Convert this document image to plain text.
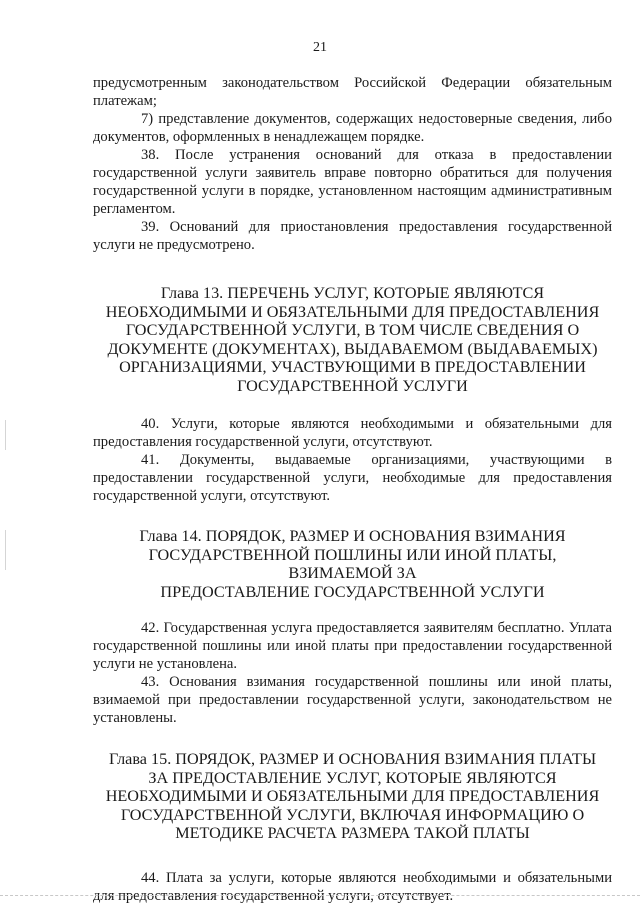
21

предусмотренным законодательством Российской Федерации обязательным платежам;

7) представление документов, содержащих недостоверные сведения, либо документов, оформленных в ненадлежащем порядке.

38. После устранения оснований для отказа в предоставлении государственной услуги заявитель вправе повторно обратиться для получения государственной услуги в порядке, установленном настоящим административным регламентом.

39. Оснований для приостановления предоставления государственной услуги не предусмотрено.

Глава 13. ПЕРЕЧЕНЬ УСЛУГ, КОТОРЫЕ ЯВЛЯЮТСЯ
НЕОБХОДИМЫМИ И ОБЯЗАТЕЛЬНЫМИ ДЛЯ ПРЕДОСТАВЛЕНИЯ
ГОСУДАРСТВЕННОЙ УСЛУГИ, В ТОМ ЧИСЛЕ СВЕДЕНИЯ О
ДОКУМЕНТЕ (ДОКУМЕНТАХ), ВЫДАВАЕМОМ (ВЫДАВАЕМЫХ)
ОРГАНИЗАЦИЯМИ, УЧАСТВУЮЩИМИ В ПРЕДОСТАВЛЕНИИ
ГОСУДАРСТВЕННОЙ УСЛУГИ

40. Услуги, которые являются необходимыми и обязательными для предоставления государственной услуги, отсутствуют.

41. Документы, выдаваемые организациями, участвующими в предоставлении государственной услуги, необходимые для предоставления государственной услуги, отсутствуют.

Глава 14. ПОРЯДОК, РАЗМЕР И ОСНОВАНИЯ ВЗИМАНИЯ
ГОСУДАРСТВЕННОЙ ПОШЛИНЫ ИЛИ ИНОЙ ПЛАТЫ, ВЗИМАЕМОЙ ЗА
ПРЕДОСТАВЛЕНИЕ ГОСУДАРСТВЕННОЙ УСЛУГИ

42. Государственная услуга предоставляется заявителям бесплатно. Уплата государственной пошлины или иной платы при предоставлении государственной услуги не установлена.

43. Основания взимания государственной пошлины или иной платы, взимаемой при предоставлении государственной услуги, законодательством не установлены.

Глава 15. ПОРЯДОК, РАЗМЕР И ОСНОВАНИЯ ВЗИМАНИЯ ПЛАТЫ
ЗА ПРЕДОСТАВЛЕНИЕ УСЛУГ, КОТОРЫЕ ЯВЛЯЮТСЯ
НЕОБХОДИМЫМИ И ОБЯЗАТЕЛЬНЫМИ ДЛЯ ПРЕДОСТАВЛЕНИЯ
ГОСУДАРСТВЕННОЙ УСЛУГИ, ВКЛЮЧАЯ ИНФОРМАЦИЮ О
МЕТОДИКЕ РАСЧЕТА РАЗМЕРА ТАКОЙ ПЛАТЫ

44. Плата за услуги, которые являются необходимыми и обязательными для предоставления государственной услуги, отсутствует.
